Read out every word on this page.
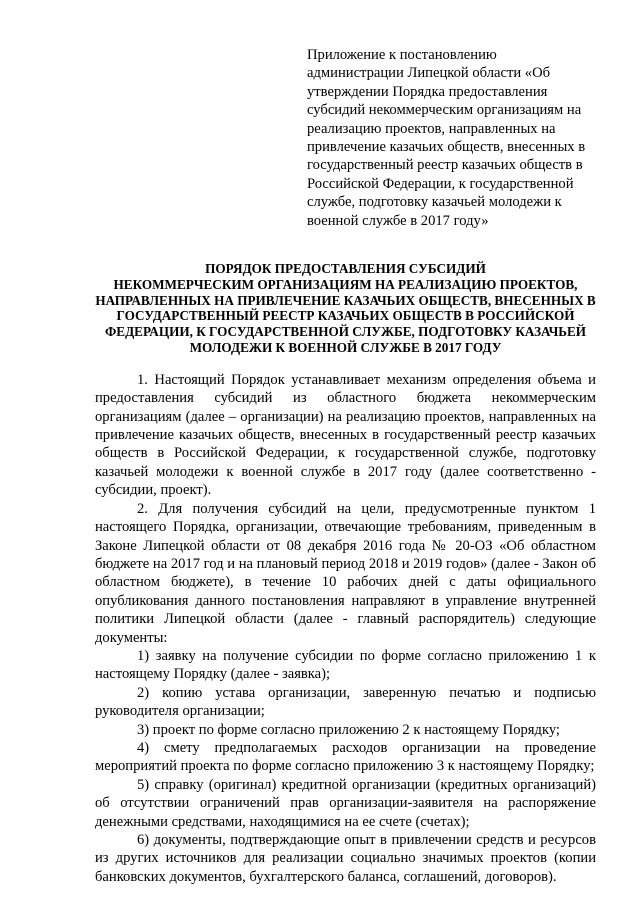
Приложение к постановлению

администрации Липецкой области «Об

утверждении Порядка предоставления

субсидий некоммерческим организациям на

реализацию проектов, направленных на

привлечение казачьих обществ, внесенных в

государственный реестр казачьих обществ в

Российской Федерации, к государственной

службе, подготовку казачьей молодежи к

военной службе в 2017 году»

ПОРЯДОК ПРЕДОСТАВЛЕНИЯ СУБСИДИЙ

НЕКОММЕРЧЕСКИМ ОРГАНИЗАЦИЯМ НА РЕАЛИЗАЦИЮ ПРОЕКТОВ,

НАПРАВЛЕННЫХ НА ПРИВЛЕЧЕНИЕ КАЗАЧЬИХ ОБЩЕСТВ, ВНЕСЕННЫХ В

ГОСУДАРСТВЕННЫЙ РЕЕСТР КАЗАЧЬИХ ОБЩЕСТВ В РОССИЙСКОЙ

ФЕДЕРАЦИИ, К ГОСУДАРСТВЕННОЙ СЛУЖБЕ, ПОДГОТОВКУ КАЗАЧЬЕЙ

МОЛОДЕЖИ К ВОЕННОЙ СЛУЖБЕ В 2017 ГОДУ

1. Настоящий Порядок устанавливает механизм определения объема и предоставления субсидий из областного бюджета некоммерческим организациям (далее – организации) на реализацию проектов, направленных на привлечение казачьих обществ, внесенных в государственный реестр казачьих обществ в Российской Федерации, к государственной службе, подготовку казачьей молодежи к военной службе в 2017 году (далее соответственно - субсидии, проект).

2. Для получения субсидий на цели, предусмотренные пунктом 1 настоящего Порядка, организации, отвечающие требованиям, приведенным в Законе Липецкой области от 08 декабря 2016 года № 20-ОЗ «Об областном бюджете на 2017 год и на плановый период 2018 и 2019 годов» (далее - Закон об областном бюджете), в течение 10 рабочих дней с даты официального опубликования данного постановления направляют в управление внутренней политики Липецкой области (далее - главный распорядитель) следующие документы:

1) заявку на получение субсидии по форме согласно приложению 1 к настоящему Порядку (далее - заявка);

2) копию устава организации, заверенную печатью и подписью руководителя организации;

3) проект по форме согласно приложению 2 к настоящему Порядку;

4) смету предполагаемых расходов организации на проведение мероприятий проекта по форме согласно приложению 3 к настоящему Порядку;

5) справку (оригинал) кредитной организации (кредитных организаций) об отсутствии ограничений прав организации-заявителя на распоряжение денежными средствами, находящимися на ее счете (счетах);

6) документы, подтверждающие опыт в привлечении средств и ресурсов из других источников для реализации социально значимых проектов (копии банковских документов, бухгалтерского баланса, соглашений, договоров).
